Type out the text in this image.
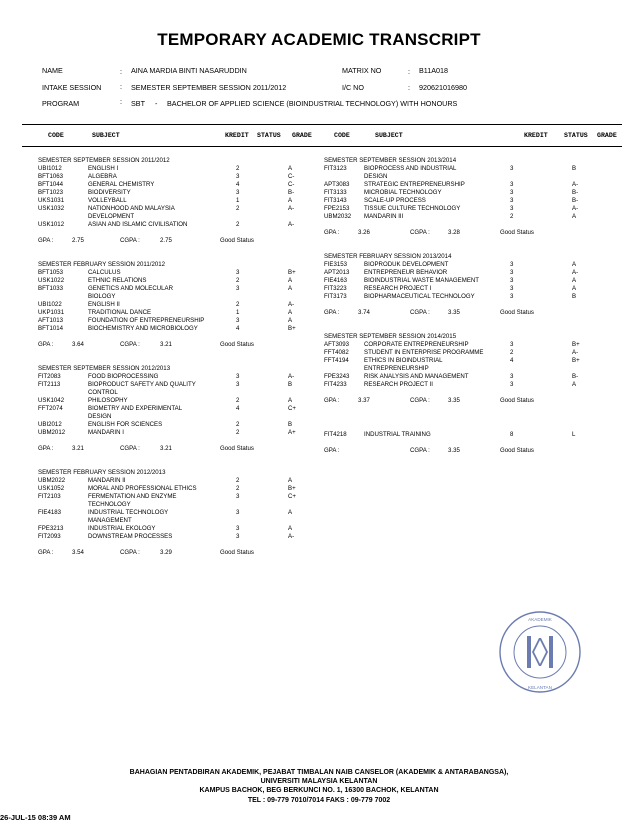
TEMPORARY ACADEMIC TRANSCRIPT
NAME	: AINA MARDIA BINTI NASARUDDIN	MATRIX NO	: B11A018
INTAKE SESSION	: SEMESTER SEPTEMBER SESSION 2011/2012	I/C NO	: 920621016980
PROGRAM	: SBT - BACHELOR OF APPLIED SCIENCE (BIOINDUSTRIAL TECHNOLOGY) WITH HONOURS
CODE	SUBJECT	KREDIT STATUS GRADE	CODE	SUBJECT	KREDIT STATUS GRADE
SEMESTER SEPTEMBER SESSION 2011/2012
UBI1012	ENGLISH I	2	A
BFT1063	ALGEBRA	3	C-
BFT1044	GENERAL CHEMISTRY	4	C-
BFT1023	BIODIVERSITY	3	B-
UKS1031	VOLLEYBALL	1	A
USK1032	NATIONHOOD AND MALAYSIA	2	A-
DEVELOPMENT
USK1012	ASIAN AND ISLAMIC CIVILISATION	2	A-
GPA :	2.75	CGPA :	2.75	Good Status
SEMESTER FEBRUARY SESSION 2011/2012
BFT1053	CALCULUS	3	B+
USK1022	ETHNIC RELATIONS	2	A
BFT1033	GENETICS AND MOLECULAR	3	A
BIOLOGY
UBI1022	ENGLISH II	2	A-
UKP1031	TRADITIONAL DANCE	1	A
AFT1013	FOUNDATION OF ENTREPRENEURSHIP	3	A
BFT1014	BIOCHEMISTRY AND MICROBIOLOGY	4	B+
GPA :	3.64	CGPA :	3.21	Good Status
SEMESTER SEPTEMBER SESSION 2012/2013
FIT2083	FOOD BIOPROCESSING	3	A-
FIT2113	BIOPRODUCT SAFETY AND QUALITY	3	B
CONTROL
USK1042	PHILOSOPHY	2	A
FFT2074	BIOMETRY AND EXPERIMENTAL	4	C+
DESIGN
UBI2012	ENGLISH FOR SCIENCES	2	B
UBM2012	MANDARIN I	2	A+
GPA :	3.21	CGPA :	3.21	Good Status
SEMESTER FEBRUARY SESSION 2012/2013
UBM2022	MANDARIN II	2	A
USK1052	MORAL AND PROFESSIONAL ETHICS	2	B+
FIT2103	FERMENTATION AND ENZYME	3	C+
TECHNOLOGY
FIE4183	INDUSTRIAL TECHNOLOGY	3	A
MANAGEMENT
FPE3213	INDUSTRIAL EKOLOGY	3	A
FIT2093	DOWNSTREAM PROCESSES	3	A-
GPA :	3.54	CGPA :	3.29	Good Status
SEMESTER SEPTEMBER SESSION 2013/2014
FIT3123	BIOPROCESS AND INDUSTRIAL	3	B
DESIGN
APT3083 STRATEGIC ENTREPRENEURSHIP	3	A-
FIT3133	MICROBIAL TECHNOLOGY	3	B-
FIT3143	SCALE-UP PROCESS	3	B-
FPE2153 TISSUE CULTURE TECHNOLOGY	3	A-
UBM2032 MANDARIN III	2	A
GPA :	3.26	CGPA :	3.28	Good Status
SEMESTER FEBRUARY SESSION 2013/2014
FIE3153	BIOPRODUK DEVELOPMENT	3	A
APT2013 ENTREPRENEUR BEHAVIOR	3	A-
FIE4163	BIOINDUSTRIAL WASTE MANAGEMENT	3	A
FIT3223	RESEARCH PROJECT I	3	A
FIT3173	BIOPHARMACEUTICAL TECHNOLOGY	3	B
GPA :	3.74	CGPA :	3.35	Good Status
SEMESTER SEPTEMBER SESSION 2014/2015
AFT3093 CORPORATE ENTREPRENEURSHIP	3	B+
FFT4082	STUDENT IN ENTERPRISE PROGRAMME	2	A-
FFT4194	ETHICS IN BIOINDUSTRIAL	4	B+
ENTREPRENEURSHIP
FPE3243 RISK ANALYSIS AND MANAGEMENT	3	B-
FIT4233	RESEARCH PROJECT II	3	A
GPA :	3.37	CGPA :	3.35	Good Status
FIT4218	INDUSTRIAL TRAINING	8	L
GPA :	CGPA :	3.35	Good Status
AKADEMIK
KELANTAN
BAHAGIAN PENTADBIRAN AKADEMIK, PEJABAT TIMBALAN NAIB CANSELOR (AKADEMIK & ANTARABANGSA),
UNIVERSITI MALAYSIA KELANTAN
KAMPUS BACHOK, BEG BERKUNCI NO. 1, 16300 BACHOK, KELANTAN
TEL : 09-779 7010/7014 FAKS : 09-779 7002
26-JUL-15 08:39 AM
